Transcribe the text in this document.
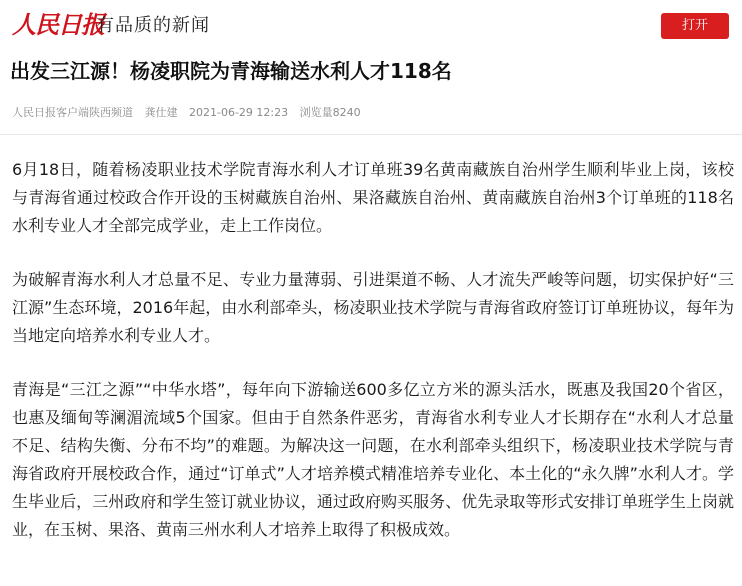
人民日报
有品质的新闻	打开
出发三江源！杨凌职院为青海输送水利人才118名
人民日报客户端陕西频道 龚仕建 2021-06-29 12:23 浏览量8240

6月18日，随着杨凌职业技术学院青海水利人才订单班39名黄南藏族自治州学生顺利毕业上岗，该校与青海省通过校政合作开设的玉树藏族自治州、果洛藏族自治州、黄南藏族自治州3个订单班的118名水利专业人才全部完成学业，走上工作岗位。

为破解青海水利人才总量不足、专业力量薄弱、引进渠道不畅、人才流失严峻等问题，切实保护好“三江源”生态环境，2016年起，由水利部牵头，杨凌职业技术学院与青海省政府签订订单班协议，每年为当地定向培养水利专业人才。

青海是“三江之源”“中华水塔”，每年向下游输送600多亿立方米的源头活水，既惠及我国20个省区，也惠及缅甸等澜湄流域5个国家。但由于自然条件恶劣，青海省水利专业人才长期存在“水利人才总量不足、结构失衡、分布不均”的难题。为解决这一问题，在水利部牵头组织下，杨凌职业技术学院与青海省政府开展校政合作，通过“订单式”人才培养模式精准培养专业化、本土化的“永久牌”水利人才。学生毕业后，三州政府和学生签订就业协议，通过政府购买服务、优先录取等形式安排订单班学生上岗就业，在玉树、果洛、黄南三州水利人才培养上取得了积极成效。
